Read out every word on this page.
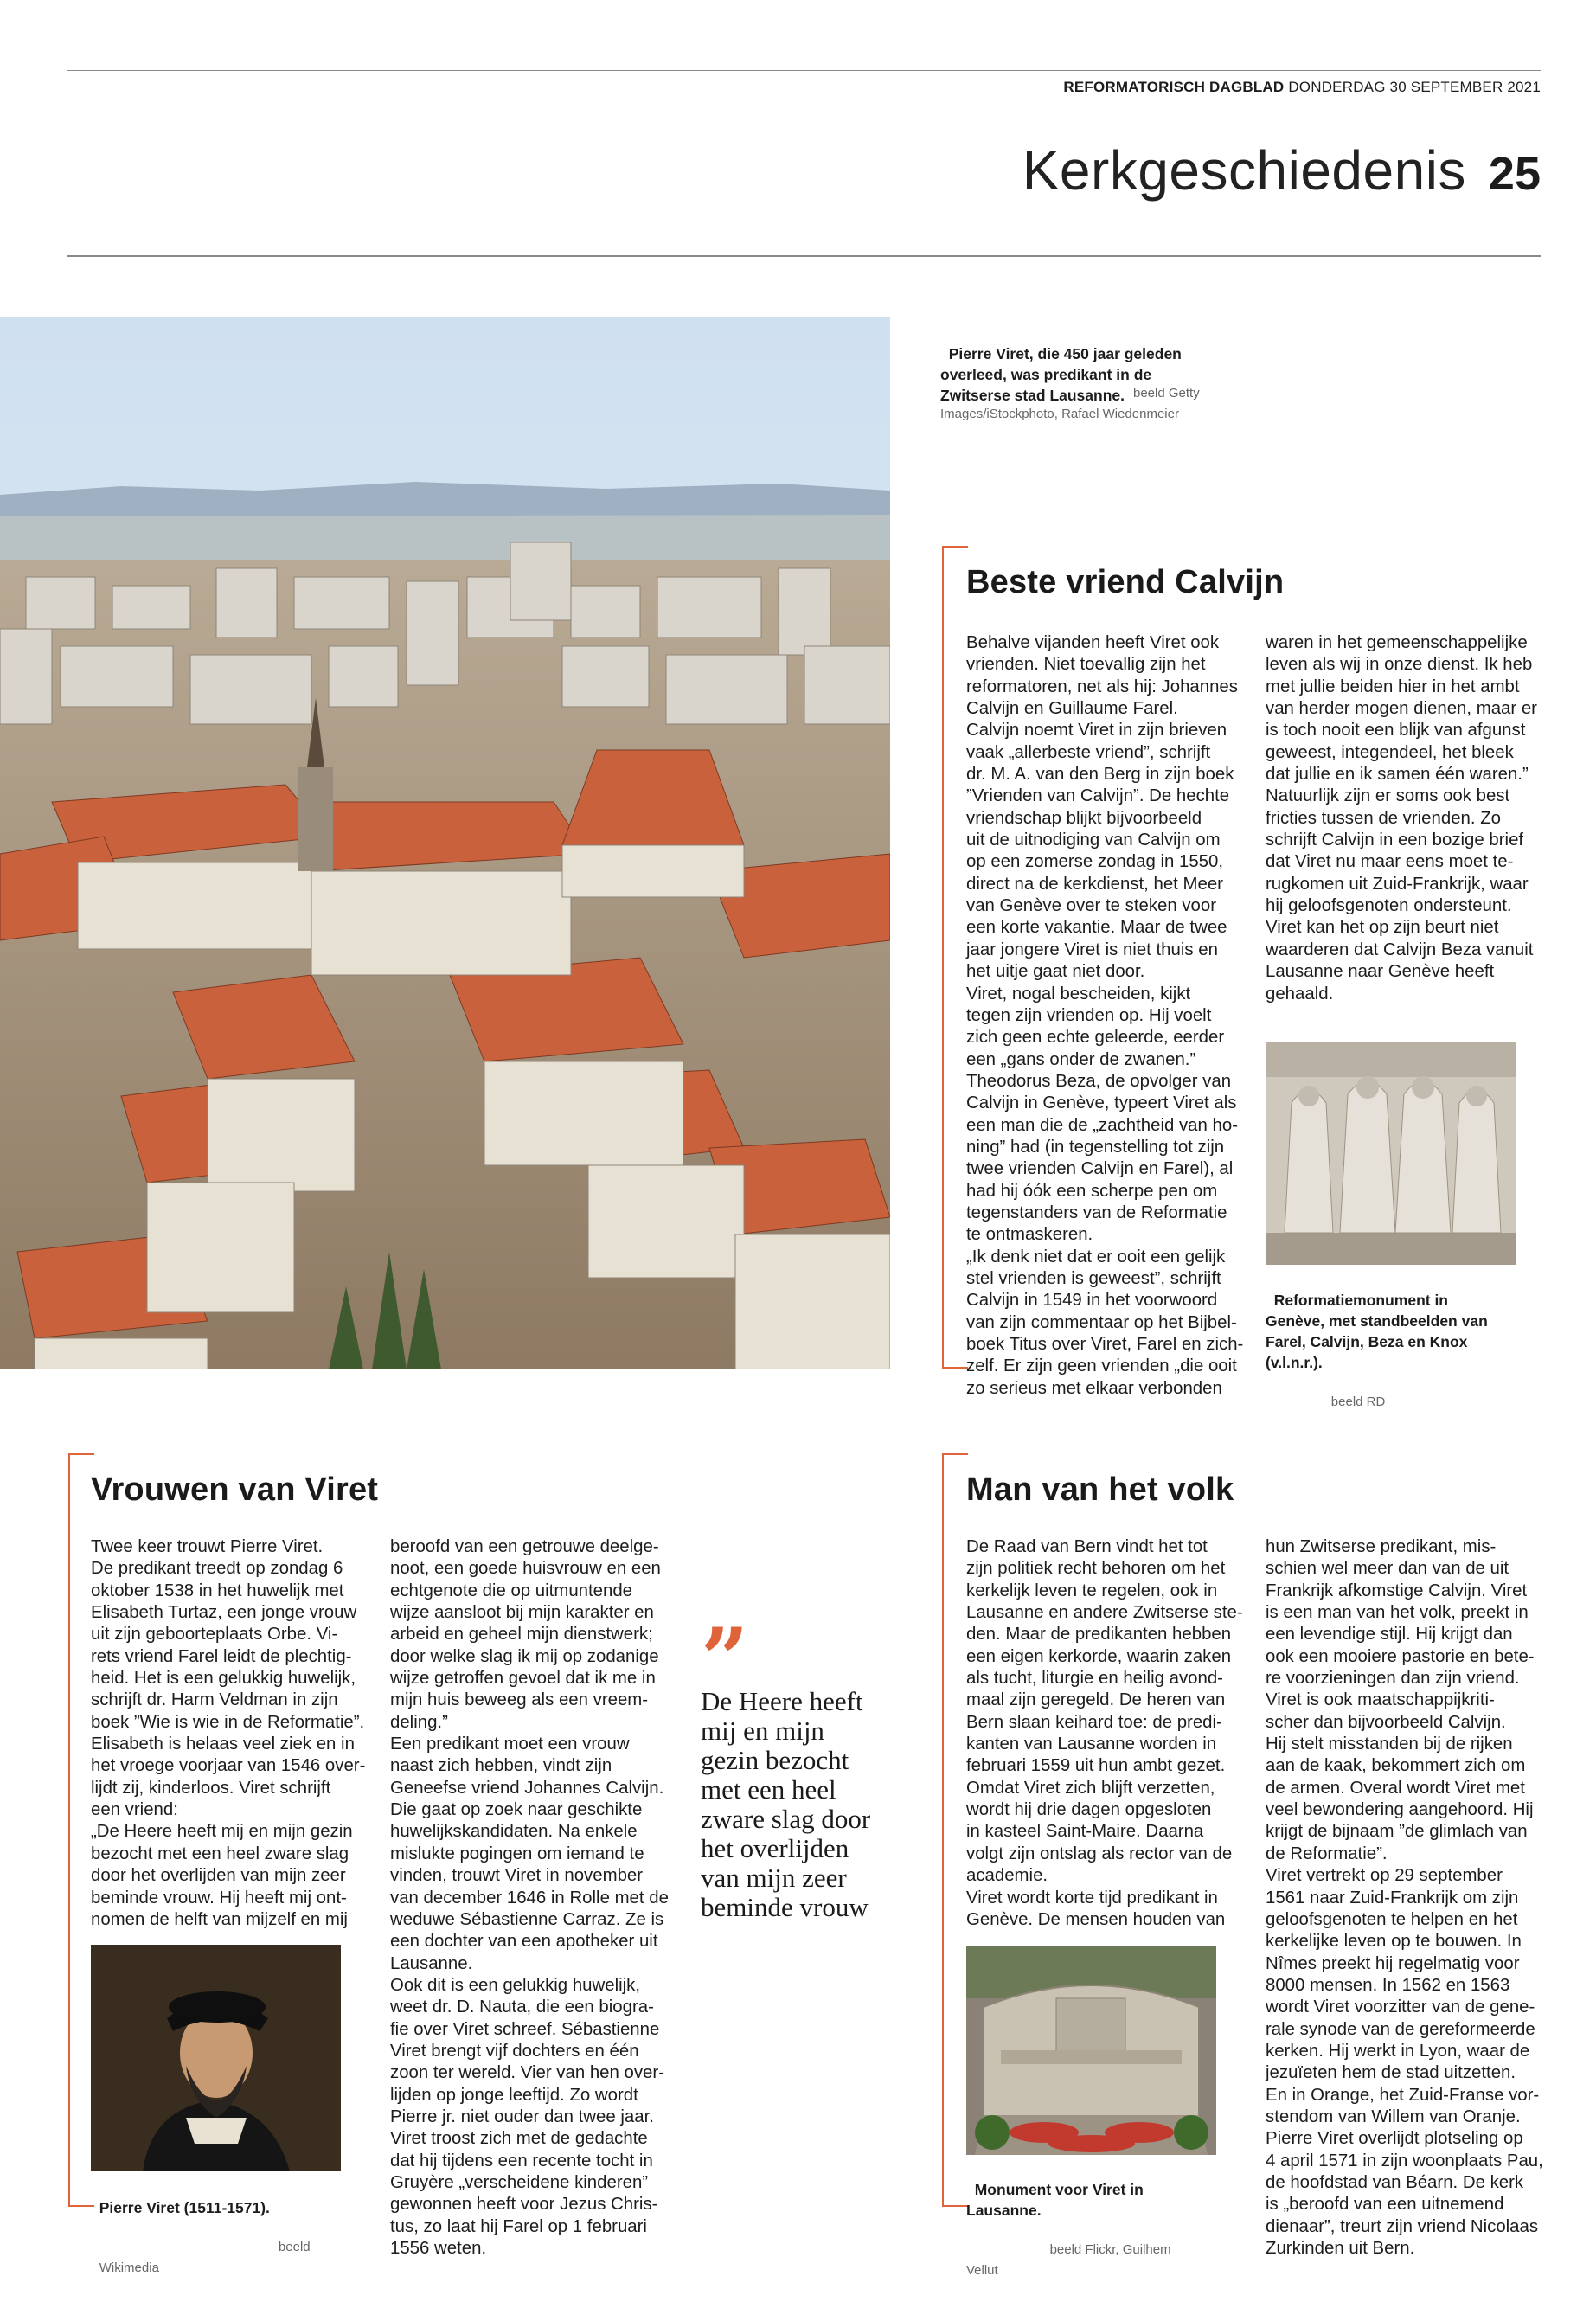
REFORMATORISCH DAGBLAD DONDERDAG 30 SEPTEMBER 2021
Kerkgeschiedenis 25

Pierre Viret, die 450 jaar geleden
overleed, was predikant in de
Zwitserse stad Lausanne. beeld Getty
Images/iStockphoto, Rafael Wiedenmeier
Beste vriend Calvijn
Behalve vijanden heeft Viret ook
vrienden. Niet toevallig zijn het
reformatoren, net als hij: Johannes
Calvijn en Guillaume Farel.
Calvijn noemt Viret in zijn brieven
vaak „allerbeste vriend”, schrijft
dr. M. A. van den Berg in zijn boek
”Vrienden van Calvijn”. De hechte
vriendschap blijkt bijvoorbeeld
uit de uitnodiging van Calvijn om
op een zomerse zondag in 1550,
direct na de kerkdienst, het Meer
van Genève over te steken voor
een korte vakantie. Maar de twee
jaar jongere Viret is niet thuis en
het uitje gaat niet door.
Viret, nogal bescheiden, kijkt
tegen zijn vrienden op. Hij voelt
zich geen echte geleerde, eerder
een „gans onder de zwanen.”
Theodorus Beza, de opvolger van
Calvijn in Genève, typeert Viret als
een man die de „zachtheid van ho-
ning” had (in tegenstelling tot zijn
twee vrienden Calvijn en Farel), al
had hij óók een scherpe pen om
tegenstanders van de Reformatie
te ontmaskeren.
„Ik denk niet dat er ooit een gelijk
stel vrienden is geweest”, schrijft
Calvijn in 1549 in het voorwoord
van zijn commentaar op het Bijbel-
boek Titus over Viret, Farel en zich-
zelf. Er zijn geen vrienden „die ooit
zo serieus met elkaar verbonden
waren in het gemeenschappelijke
leven als wij in onze dienst. Ik heb
met jullie beiden hier in het ambt
van herder mogen dienen, maar er
is toch nooit een blijk van afgunst
geweest, integendeel, het bleek
dat jullie en ik samen één waren.”
Natuurlijk zijn er soms ook best
fricties tussen de vrienden. Zo
schrijft Calvijn in een bozige brief
dat Viret nu maar eens moet te-
rugkomen uit Zuid-Frankrijk, waar
hij geloofsgenoten ondersteunt.
Viret kan het op zijn beurt niet
waarderen dat Calvijn Beza vanuit
Lausanne naar Genève heeft
gehaald.

Reformatiemonument in
Genève, met standbeelden van
Farel, Calvijn, Beza en Knox
(v.l.n.r.).

beeld RD

Vrouwen van Viret
Twee keer trouwt Pierre Viret.
De predikant treedt op zondag 6
oktober 1538 in het huwelijk met
Elisabeth Turtaz, een jonge vrouw
uit zijn geboorteplaats Orbe. Vi-
rets vriend Farel leidt de plechtig-
heid. Het is een gelukkig huwelijk,
schrijft dr. Harm Veldman in zijn
boek ”Wie is wie in de Reformatie”.
Elisabeth is helaas veel ziek en in
het vroege voorjaar van 1546 over-
lijdt zij, kinderloos. Viret schrijft
een vriend:
„De Heere heeft mij en mijn gezin
bezocht met een heel zware slag
door het overlijden van mijn zeer
beminde vrouw. Hij heeft mij ont-
nomen de helft van mijzelf en mij
beroofd van een getrouwe deelge-
noot, een goede huisvrouw en een
echtgenote die op uitmuntende
wijze aansloot bij mijn karakter en
arbeid en geheel mijn dienstwerk;
door welke slag ik mij op zodanige
wijze getroffen gevoel dat ik me in
mijn huis beweeg als een vreem-
deling.”
Een predikant moet een vrouw
naast zich hebben, vindt zijn
Geneefse vriend Johannes Calvijn.
Die gaat op zoek naar geschikte
huwelijkskandidaten. Na enkele
mislukte pogingen om iemand te
vinden, trouwt Viret in november
van december 1646 in Rolle met de
weduwe Sébastienne Carraz. Ze is
een dochter van een apotheker uit
Lausanne.
Ook dit is een gelukkig huwelijk,
weet dr. D. Nauta, die een biogra-
fie over Viret schreef. Sébastienne
Viret brengt vijf dochters en één
zoon ter wereld. Vier van hen over-
lijden op jonge leeftijd. Zo wordt
Pierre jr. niet ouder dan twee jaar.
Viret troost zich met de gedachte
dat hij tijdens een recente tocht in
Gruyère „verscheidene kinderen”
gewonnen heeft voor Jezus Chris-
tus, zo laat hij Farel op 1 februari
1556 weten.

Pierre Viret (1511-1571).

beeld
Wikimedia

”
De Heere heeft
mij en mijn
gezin bezocht
met een heel
zware slag door
het overlijden
van mijn zeer
beminde vrouw
Man van het volk
De Raad van Bern vindt het tot
zijn politiek recht behoren om het
kerkelijk leven te regelen, ook in
Lausanne en andere Zwitserse ste-
den. Maar de predikanten hebben
een eigen kerkorde, waarin zaken
als tucht, liturgie en heilig avond-
maal zijn geregeld. De heren van
Bern slaan keihard toe: de predi-
kanten van Lausanne worden in
februari 1559 uit hun ambt gezet.
Omdat Viret zich blijft verzetten,
wordt hij drie dagen opgesloten
in kasteel Saint-Maire. Daarna
volgt zijn ontslag als rector van de
academie.
Viret wordt korte tijd predikant in
Genève. De mensen houden van
hun Zwitserse predikant, mis-
schien wel meer dan van de uit
Frankrijk afkomstige Calvijn. Viret
is een man van het volk, preekt in
een levendige stijl. Hij krijgt dan
ook een mooiere pastorie en bete-
re voorzieningen dan zijn vriend.
Viret is ook maatschappijkriti-
scher dan bijvoorbeeld Calvijn.
Hij stelt misstanden bij de rijken
aan de kaak, bekommert zich om
de armen. Overal wordt Viret met
veel bewondering aangehoord. Hij
krijgt de bijnaam ”de glimlach van
de Reformatie”.
Viret vertrekt op 29 september
1561 naar Zuid-Frankrijk om zijn
geloofsgenoten te helpen en het
kerkelijke leven op te bouwen. In
Nîmes preekt hij regelmatig voor
8000 mensen. In 1562 en 1563
wordt Viret voorzitter van de gene-
rale synode van de gereformeerde
kerken. Hij werkt in Lyon, waar de
jezuïeten hem de stad uitzetten.
En in Orange, het Zuid-Franse vor-
stendom van Willem van Oranje.
Pierre Viret overlijdt plotseling op
4 april 1571 in zijn woonplaats Pau,
de hoofdstad van Béarn. De kerk
is „beroofd van een uitnemend
dienaar”, treurt zijn vriend Nicolaas
Zurkinden uit Bern.

Monument voor Viret in
Lausanne.

beeld Flickr, Guilhem
Vellut
